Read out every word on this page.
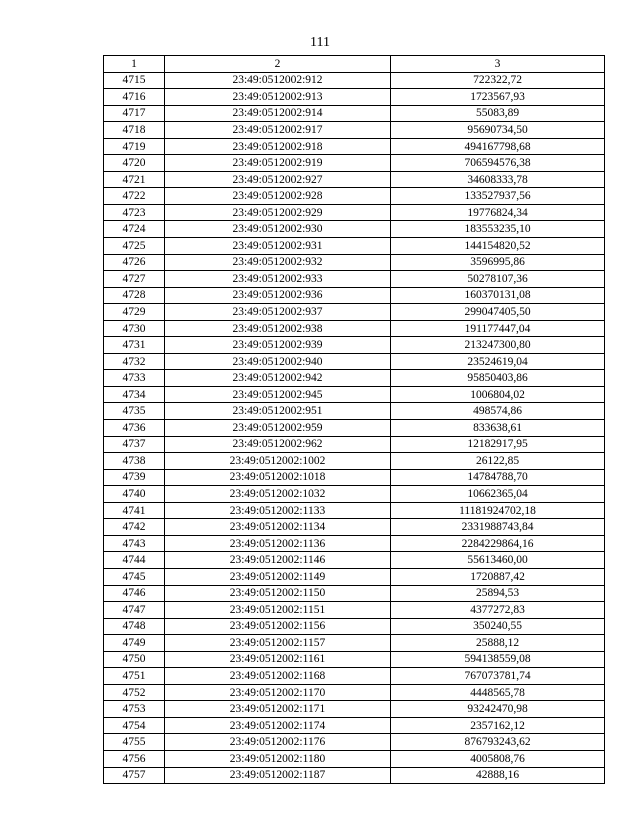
111
1	2	3
4715	23:49:0512002:912	722322,72
4716	23:49:0512002:913	1723567,93
4717	23:49:0512002:914	55083,89
4718	23:49:0512002:917	95690734,50
4719	23:49:0512002:918	494167798,68
4720	23:49:0512002:919	706594576,38
4721	23:49:0512002:927	34608333,78
4722	23:49:0512002:928	133527937,56
4723	23:49:0512002:929	19776824,34
4724	23:49:0512002:930	183553235,10
4725	23:49:0512002:931	144154820,52
4726	23:49:0512002:932	3596995,86
4727	23:49:0512002:933	50278107,36
4728	23:49:0512002:936	160370131,08
4729	23:49:0512002:937	299047405,50
4730	23:49:0512002:938	191177447,04
4731	23:49:0512002:939	213247300,80
4732	23:49:0512002:940	23524619,04
4733	23:49:0512002:942	95850403,86
4734	23:49:0512002:945	1006804,02
4735	23:49:0512002:951	498574,86
4736	23:49:0512002:959	833638,61
4737	23:49:0512002:962	12182917,95
4738	23:49:0512002:1002	26122,85
4739	23:49:0512002:1018	14784788,70
4740	23:49:0512002:1032	10662365,04
4741	23:49:0512002:1133	11181924702,18
4742	23:49:0512002:1134	2331988743,84
4743	23:49:0512002:1136	2284229864,16
4744	23:49:0512002:1146	55613460,00
4745	23:49:0512002:1149	1720887,42
4746	23:49:0512002:1150	25894,53
4747	23:49:0512002:1151	4377272,83
4748	23:49:0512002:1156	350240,55
4749	23:49:0512002:1157	25888,12
4750	23:49:0512002:1161	594138559,08
4751	23:49:0512002:1168	767073781,74
4752	23:49:0512002:1170	4448565,78
4753	23:49:0512002:1171	93242470,98
4754	23:49:0512002:1174	2357162,12
4755	23:49:0512002:1176	876793243,62
4756	23:49:0512002:1180	4005808,76
4757	23:49:0512002:1187	42888,16
